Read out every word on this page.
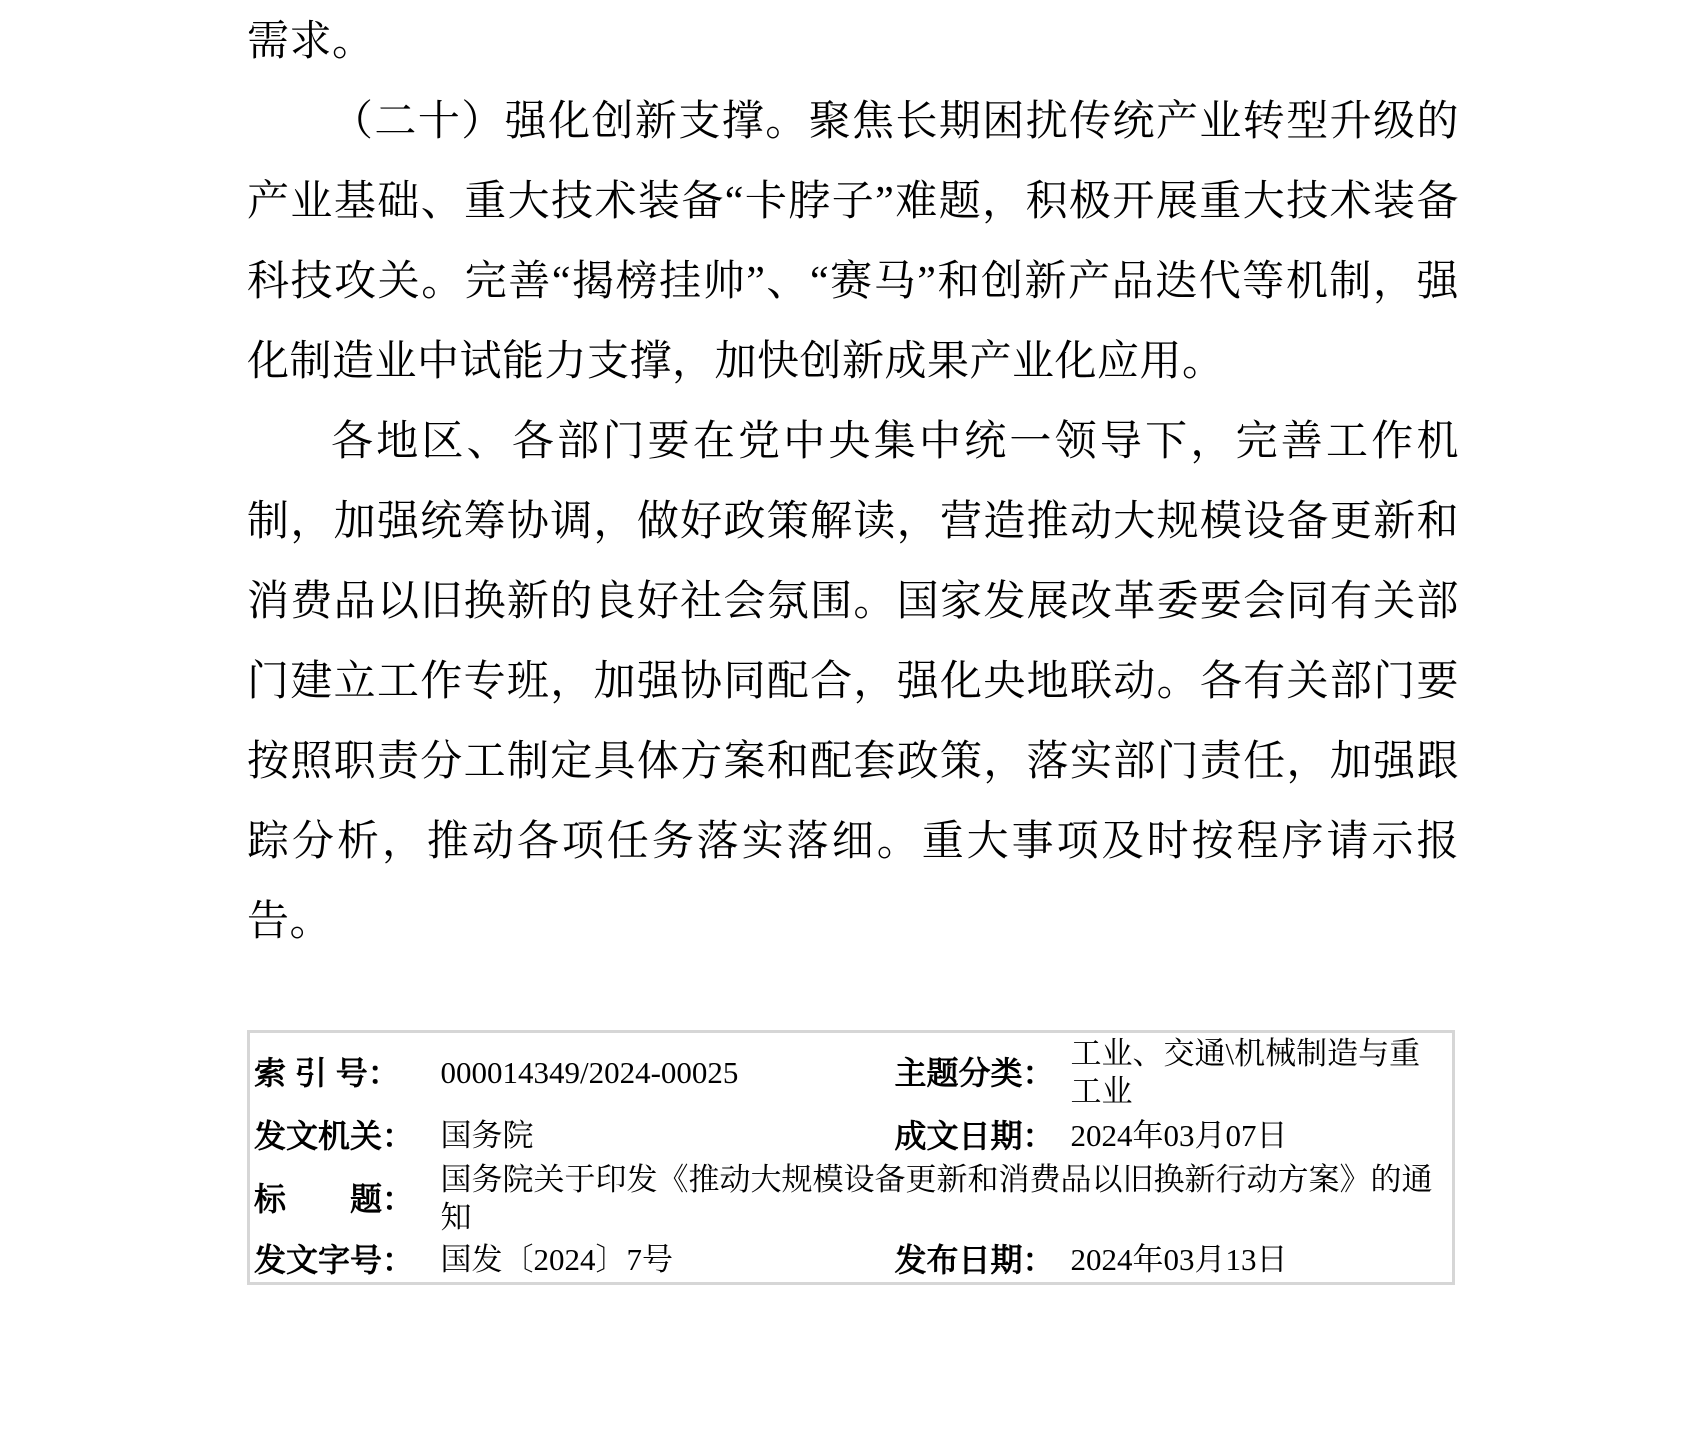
需求。

（二十）强化创新支撑。聚焦长期困扰传统产业转型升级的产业基础、重大技术装备“卡脖子”难题，积极开展重大技术装备科技攻关。完善“揭榜挂帅”、“赛马”和创新产品迭代等机制，强化制造业中试能力支撑，加快创新成果产业化应用。

各地区、各部门要在党中央集中统一领导下，完善工作机制，加强统筹协调，做好政策解读，营造推动大规模设备更新和消费品以旧换新的良好社会氛围。国家发展改革委要会同有关部门建立工作专班，加强协同配合，强化央地联动。各有关部门要按照职责分工制定具体方案和配套政策，落实部门责任，加强跟踪分析，推动各项任务落实落细。重大事项及时按程序请示报告。

索 引 号：	000014349/2024-00025	主题分类：	工业、交通\机械制造与重工业
发文机关：	国务院	成文日期：	2024年03月07日
标　　题：	国务院关于印发《推动大规模设备更新和消费品以旧换新行动方案》的通知		
发文字号：	国发〔2024〕7号	发布日期：	2024年03月13日
